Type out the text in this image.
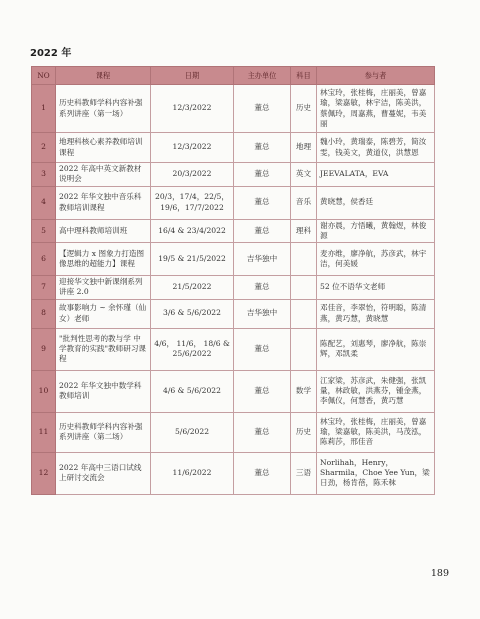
2022 年
NO	课程	日期	主办单位	科目	参与者
1	历史科教师学科内容补强系列讲座（第一场）	12/3/2022	董总	历史	林宝玲，张桂梅，庄丽美，曾嘉瑜，梁嘉敏，林宇洁，陈美洪，蔡佩玲，周嘉燕，曹蔓妮，韦美丽
2	地理科核心素养教师培训课程	12/3/2022	董总	地理	魏小玲，黄瑞泰，陈碧芳，简汝雯，钱美文，黄道仪，洪慧恩
3	2022 年高中英文新教材说明会	20/3/2022	董总	英文	JEEVALATA，EVA
4	2022 年华文独中音乐科教师培训课程	20/3，17/4，22/5，19/6，17/7/2022	董总	音乐	黄晓慧，侯香廷
5	高中理科教师培训班	16/4 & 23/4/2022	董总	理科	谢亦晨，方悟曦，黄翰煜，林俊源
6	【逻辑力 x 图象力打造图像思维的超能力】课程	19/5 & 21/5/2022	吉华独中		麦亦维，廖净航，苏彦武，林宇洁，何美媛
7	迎接华文独中新课纲系列讲座 2.0	21/5/2022	董总		52 位不语华文老师
8	故事影响力 ~ 余怀瑾（仙女）老师	3/6 & 5/6/2022	吉华独中		邓佳音，李翠怡，符明聪，陈清燕，黄巧慧，黄晓慧
9	"批判性思考的教与学 中学教育的实践"教师研习课程	4/6， 11/6， 18/6 & 25/6/2022	董总		陈配艺，刘惠琴，廖净航，陈崇辉，邓凯柔
10	2022 年华文独中数学科教师培训	4/6 & 5/6/2022	董总	数学	江家梁，苏彦武，朱健强，张凯量，林政敏，洪燕芬，锺金燕，李佩仪，何慧香，黄巧慧
11	历史科教师学科内容补强系列讲座（第二场）	5/6/2022	董总	历史	林宝玲，张桂梅，庄丽美，曾嘉瑜，梁嘉敏，陈美洪，马茂泓，陈莉莎，邢佳音
12	2022 年高中三语口试线上研讨交流会	11/6/2022	董总	三语	Norlihah，Henry，Sharmila，Choe Yee Yun，梁日劲，杨肯蓓，陈禾秣
189
